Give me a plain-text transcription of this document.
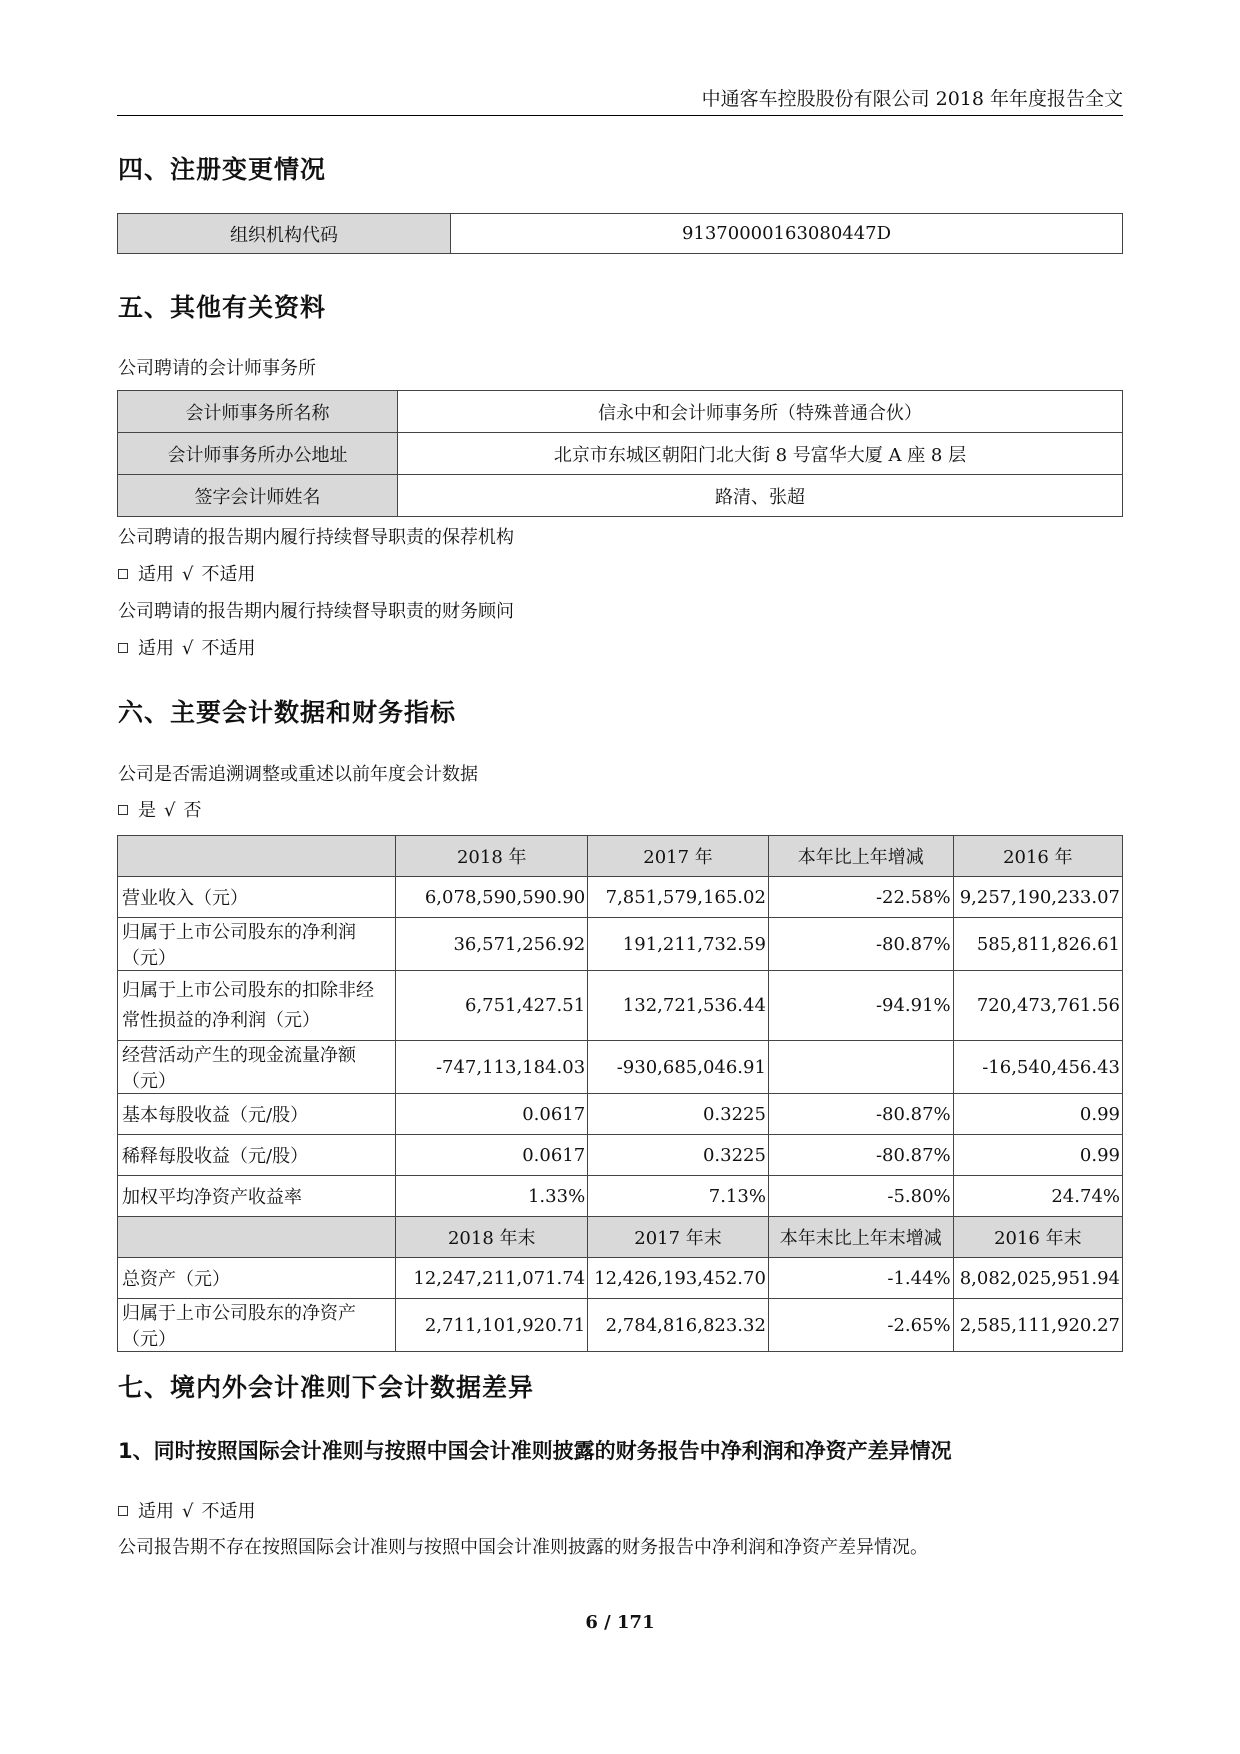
中通客车控股股份有限公司 2018 年年度报告全文
四、注册变更情况
组织机构代码	91370000163080447D
五、其他有关资料
公司聘请的会计师事务所
会计师事务所名称	信永中和会计师事务所（特殊普通合伙）
会计师事务所办公地址	北京市东城区朝阳门北大街 8 号富华大厦 A 座 8 层
签字会计师姓名	路清、张超
公司聘请的报告期内履行持续督导职责的保荐机构
适用 √ 不适用
公司聘请的报告期内履行持续督导职责的财务顾问
适用 √ 不适用
六、主要会计数据和财务指标
公司是否需追溯调整或重述以前年度会计数据
是 √ 否
	2018 年	2017 年	本年比上年增减	2016 年
营业收入（元）	6,078,590,590.90	7,851,579,165.02	-22.58%	9,257,190,233.07
归属于上市公司股东的净利润（元）	36,571,256.92	191,211,732.59	-80.87%	585,811,826.61
归属于上市公司股东的扣除非经常性损益的净利润（元）	6,751,427.51	132,721,536.44	-94.91%	720,473,761.56
经营活动产生的现金流量净额（元）	-747,113,184.03	-930,685,046.91		-16,540,456.43
基本每股收益（元/股）	0.0617	0.3225	-80.87%	0.99
稀释每股收益（元/股）	0.0617	0.3225	-80.87%	0.99
加权平均净资产收益率	1.33%	7.13%	-5.80%	24.74%
	2018 年末	2017 年末	本年末比上年末增减	2016 年末
总资产（元）	12,247,211,071.74	12,426,193,452.70	-1.44%	8,082,025,951.94
归属于上市公司股东的净资产（元）	2,711,101,920.71	2,784,816,823.32	-2.65%	2,585,111,920.27
七、境内外会计准则下会计数据差异
1、同时按照国际会计准则与按照中国会计准则披露的财务报告中净利润和净资产差异情况
适用 √ 不适用
公司报告期不存在按照国际会计准则与按照中国会计准则披露的财务报告中净利润和净资产差异情况。
6 / 171
